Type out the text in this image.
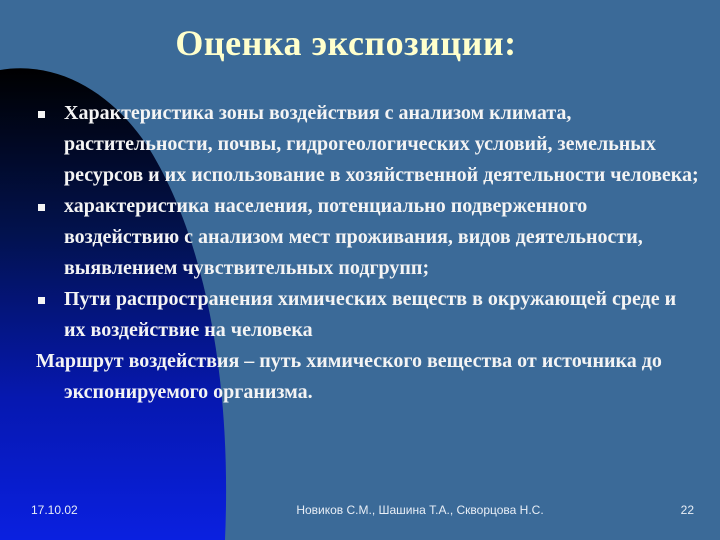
Оценка экспозиции:
Характеристика зоны воздействия с анализом климата, растительности, почвы, гидрогеологических условий, земельных ресурсов и их использование в хозяйственной деятельности человека;
характеристика населения, потенциально подверженного воздействию с анализом мест проживания, видов деятельности, выявлением чувствительных подгрупп;
Пути распространения химических веществ в окружающей среде и их воздействие на человека
Маршрут воздействия – путь химического вещества от источника до экспонируемого организма.
17.10.02	Новиков С.М., Шашина Т.А., Скворцова Н.С.	22
